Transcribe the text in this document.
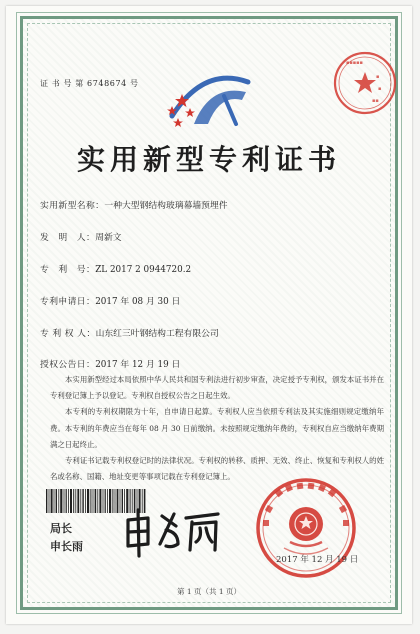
证 书 号 第 6748674 号
▪▪▪▪▪
▪
▪
▪▪
实用新型专利证书
实用新型名称：一种大型钢结构玻璃幕墙预埋件
发　明　人：周新文
专　利　号：ZL 2017 2 0944720.2
专利申请日：2017 年 08 月 30 日
专 利 权 人：山东红三叶钢结构工程有限公司
授权公告日：2017 年 12 月 19 日

本实用新型经过本局依照中华人民共和国专利法进行初步审查，决定授予专利权，颁发本证书并在专利登记簿上予以登记。专利权自授权公告之日起生效。

本专利的专利权期限为十年，自申请日起算。专利权人应当依照专利法及其实施细则规定缴纳年费。本专利的年费应当在每年 08 月 30 日前缴纳。未按照规定缴纳年费的，专利权自应当缴纳年费期满之日起终止。

专利证书记载专利权登记时的法律状况。专利权的转移、质押、无效、终止、恢复和专利权人的姓名或名称、国籍、地址变更等事项记载在专利登记簿上。

局长
申长雨
2017 年 12 月 19 日
第 1 页（共 1 页）
